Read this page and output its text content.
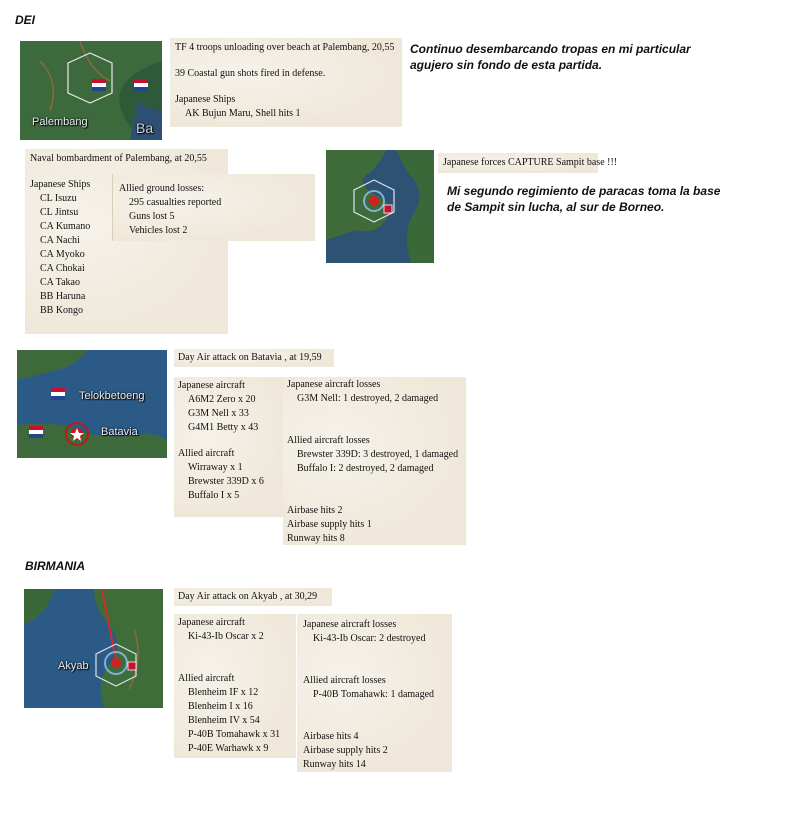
DEI
Palembang	Ba
TF 4 troops unloading over beach at Palembang, 20,55
39 Coastal gun shots fired in defense.
Japanese Ships
AK Bujun Maru, Shell hits 1
Continuo desembarcando tropas en mi particular
agujero sin fondo de esta partida.
Naval bombardment of Palembang, at 20,55
Japanese Ships
CL Isuzu
CL Jintsu
CA Kumano
CA Nachi
CA Myoko
CA Chokai
CA Takao
BB Haruna
BB Kongo
Allied ground losses:
295 casualties reported
Guns lost 5
Vehicles lost 2
Japanese forces CAPTURE Sampit base !!!
Mi segundo regimiento de paracas toma la base
de Sampit sin lucha, al sur de Borneo.
Telokbetoeng
Batavia
Day Air attack on Batavia , at 19,59
Japanese aircraft
A6M2 Zero x 20
G3M Nell x 33
G4M1 Betty x 43
Allied aircraft
Wirraway x 1
Brewster 339D x 6
Buffalo I x 5
Japanese aircraft losses
G3M Nell: 1 destroyed, 2 damaged
Allied aircraft losses
Brewster 339D: 3 destroyed, 1 damaged
Buffalo I: 2 destroyed, 2 damaged
Airbase hits 2
Airbase supply hits 1
Runway hits 8
BIRMANIA
Akyab
Day Air attack on Akyab , at 30,29
Japanese aircraft
Ki-43-Ib Oscar x 2
Allied aircraft
Blenheim IF x 12
Blenheim I x 16
Blenheim IV x 54
P-40B Tomahawk x 31
P-40E Warhawk x 9
Japanese aircraft losses
Ki-43-Ib Oscar: 2 destroyed
Allied aircraft losses
P-40B Tomahawk: 1 damaged
Airbase hits 4
Airbase supply hits 2
Runway hits 14
